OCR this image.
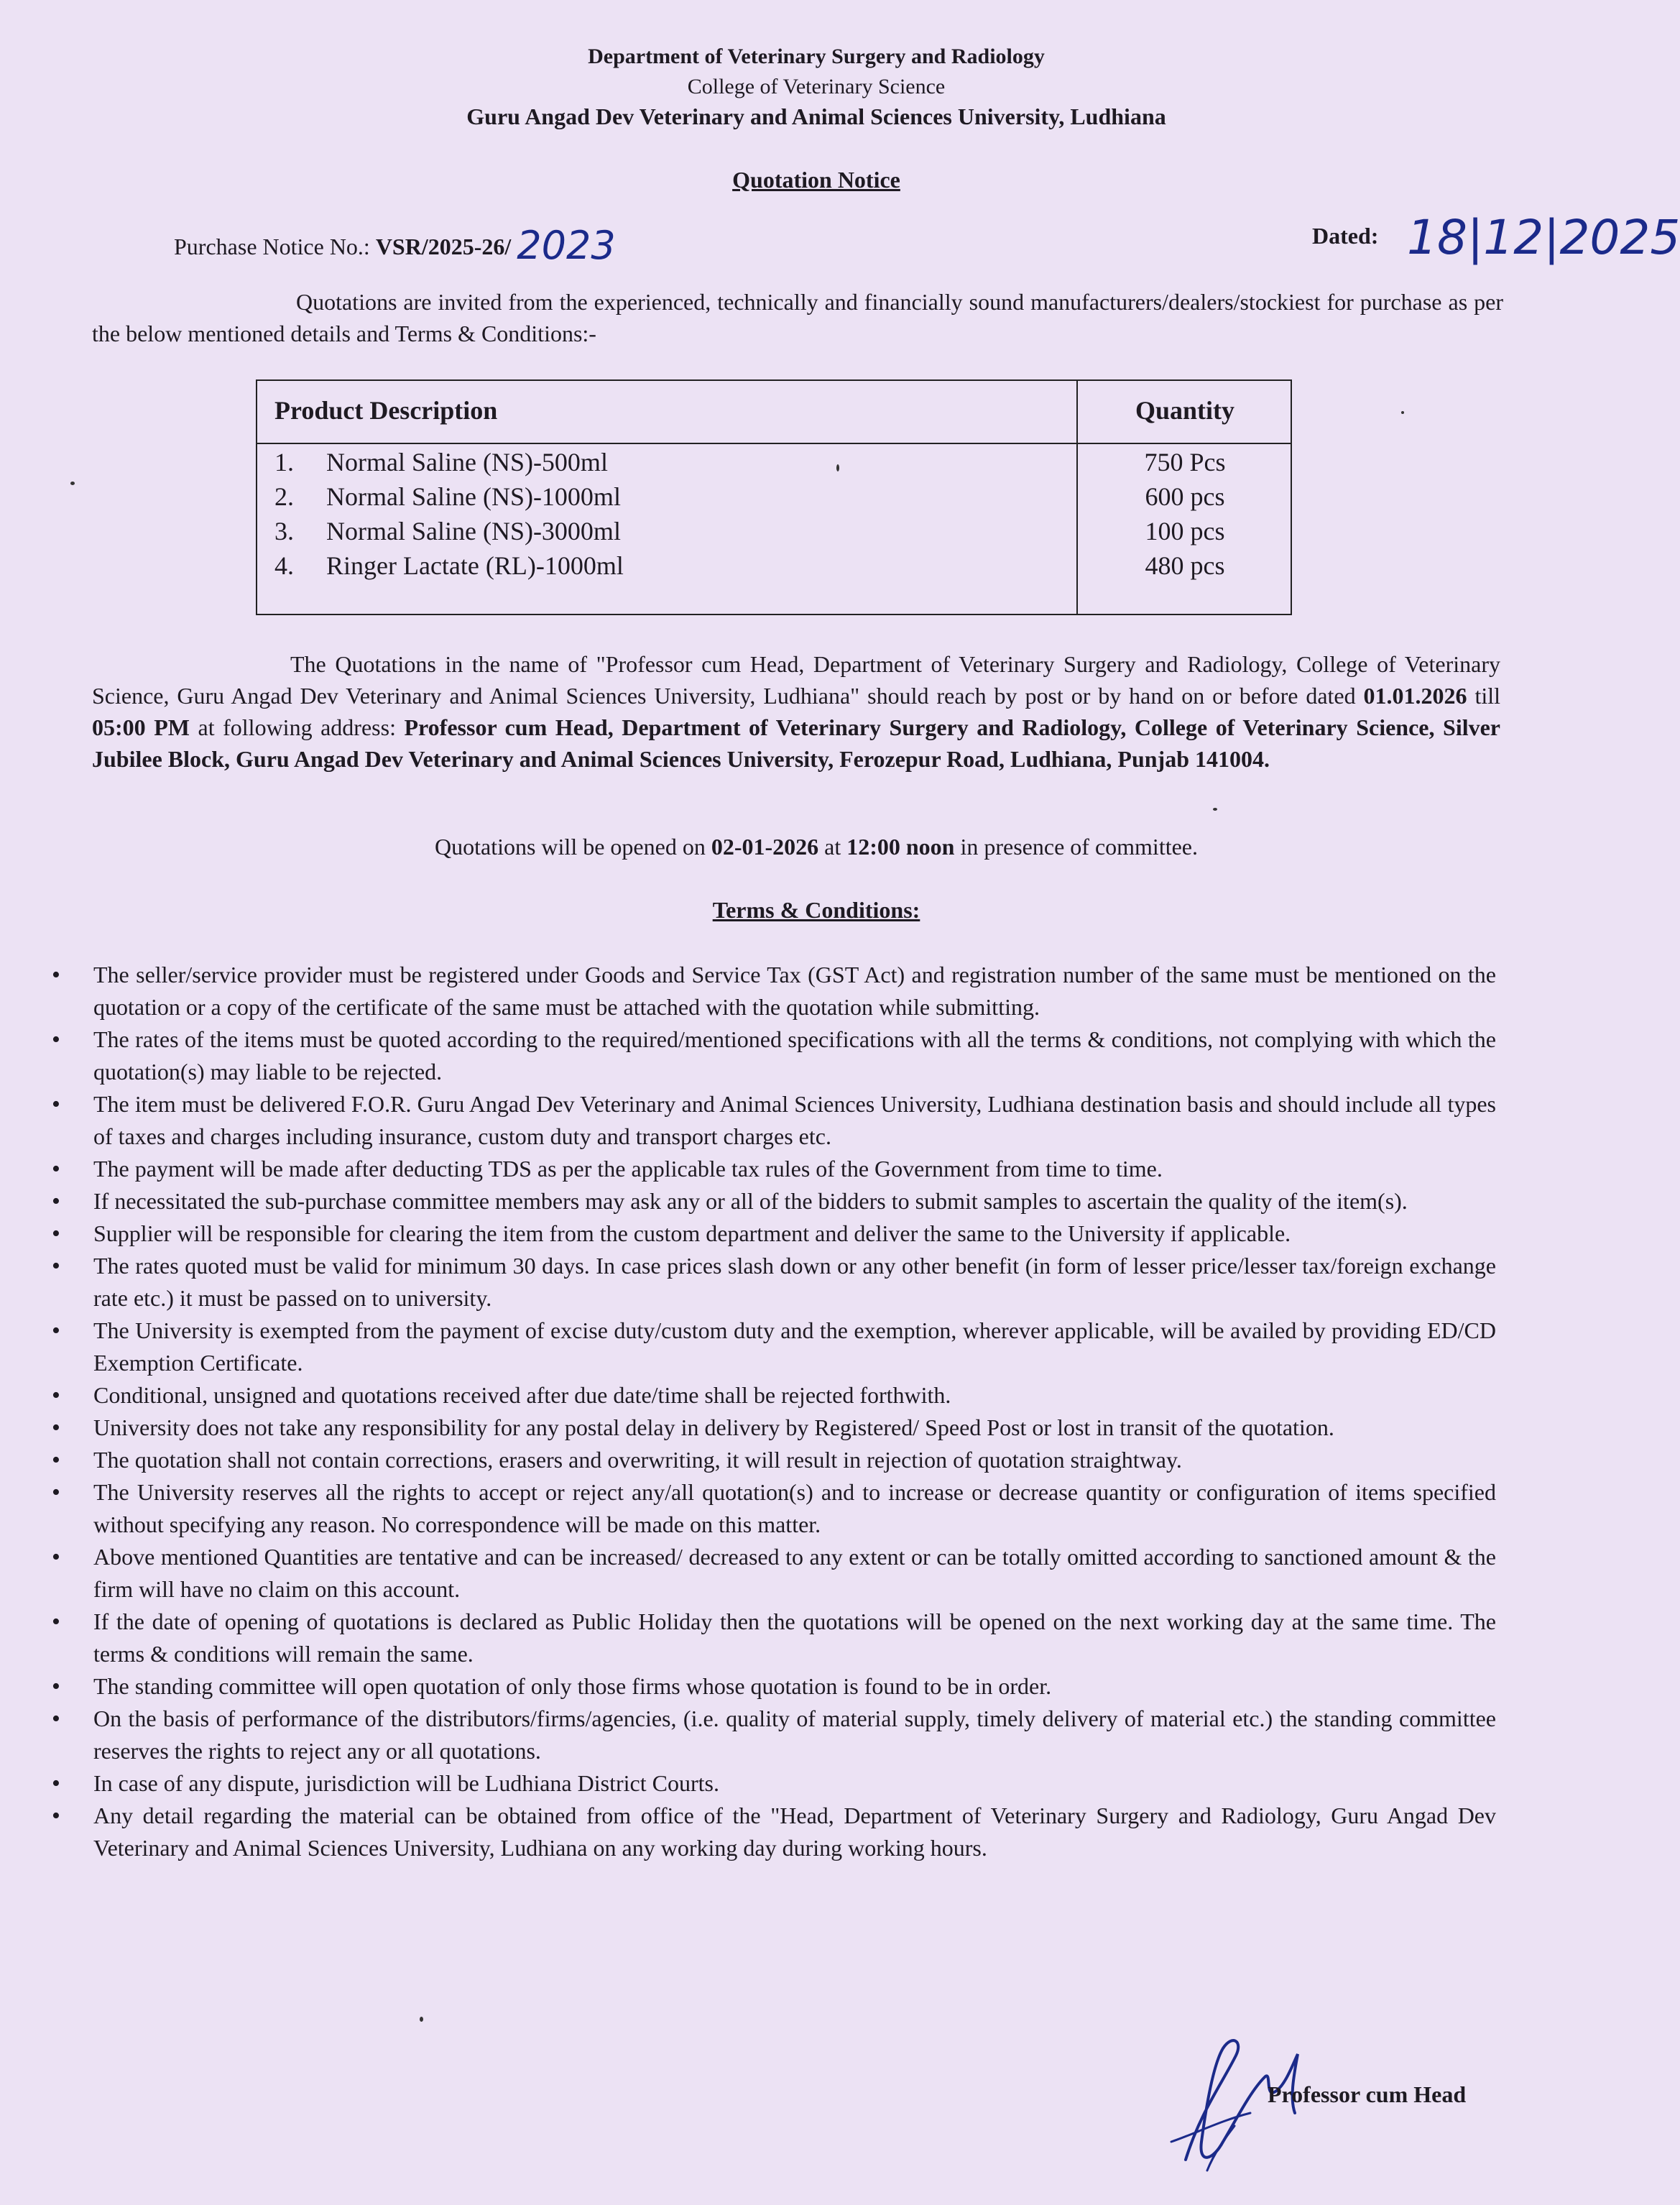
Department of Veterinary Surgery and Radiology
College of Veterinary Science
Guru Angad Dev Veterinary and Animal Sciences University, Ludhiana
Quotation Notice
Purchase Notice No.: VSR/2025-26/ 2023	Dated: 18|12|2025
Quotations are invited from the experienced, technically and financially sound manufacturers/dealers/stockiest for purchase as per the below mentioned details and Terms & Conditions:-
Product Description	Quantity
1.	Normal Saline (NS)-500ml	750 Pcs
2.	Normal Saline (NS)-1000ml	600 pcs
3.	Normal Saline (NS)-3000ml	100 pcs
4.	Ringer Lactate (RL)-1000ml	480 pcs
The Quotations in the name of "Professor cum Head, Department of Veterinary Surgery and Radiology, College of Veterinary Science, Guru Angad Dev Veterinary and Animal Sciences University, Ludhiana" should reach by post or by hand on or before dated 01.01.2026 till 05:00 PM at following address: Professor cum Head, Department of Veterinary Surgery and Radiology, College of Veterinary Science, Silver Jubilee Block, Guru Angad Dev Veterinary and Animal Sciences University, Ferozepur Road, Ludhiana, Punjab 141004.
Quotations will be opened on 02-01-2026 at 12:00 noon in presence of committee.
Terms & Conditions:
• The seller/service provider must be registered under Goods and Service Tax (GST Act) and registration number of the same must be mentioned on the quotation or a copy of the certificate of the same must be attached with the quotation while submitting.
• The rates of the items must be quoted according to the required/mentioned specifications with all the terms & conditions, not complying with which the quotation(s) may liable to be rejected.
• The item must be delivered F.O.R. Guru Angad Dev Veterinary and Animal Sciences University, Ludhiana destination basis and should include all types of taxes and charges including insurance, custom duty and transport charges etc.
• The payment will be made after deducting TDS as per the applicable tax rules of the Government from time to time.
• If necessitated the sub-purchase committee members may ask any or all of the bidders to submit samples to ascertain the quality of the item(s).
• Supplier will be responsible for clearing the item from the custom department and deliver the same to the University if applicable.
• The rates quoted must be valid for minimum 30 days. In case prices slash down or any other benefit (in form of lesser price/lesser tax/foreign exchange rate etc.) it must be passed on to university.
• The University is exempted from the payment of excise duty/custom duty and the exemption, wherever applicable, will be availed by providing ED/CD Exemption Certificate.
• Conditional, unsigned and quotations received after due date/time shall be rejected forthwith.
• University does not take any responsibility for any postal delay in delivery by Registered/ Speed Post or lost in transit of the quotation.
• The quotation shall not contain corrections, erasers and overwriting, it will result in rejection of quotation straightway.
• The University reserves all the rights to accept or reject any/all quotation(s) and to increase or decrease quantity or configuration of items specified without specifying any reason. No correspondence will be made on this matter.
• Above mentioned Quantities are tentative and can be increased/ decreased to any extent or can be totally omitted according to sanctioned amount & the firm will have no claim on this account.
• If the date of opening of quotations is declared as Public Holiday then the quotations will be opened on the next working day at the same time. The terms & conditions will remain the same.
• The standing committee will open quotation of only those firms whose quotation is found to be in order.
• On the basis of performance of the distributors/firms/agencies, (i.e. quality of material supply, timely delivery of material etc.) the standing committee reserves the rights to reject any or all quotations.
• In case of any dispute, jurisdiction will be Ludhiana District Courts.
• Any detail regarding the material can be obtained from office of the "Head, Department of Veterinary Surgery and Radiology, Guru Angad Dev Veterinary and Animal Sciences University, Ludhiana on any working day during working hours.
Professor cum Head
